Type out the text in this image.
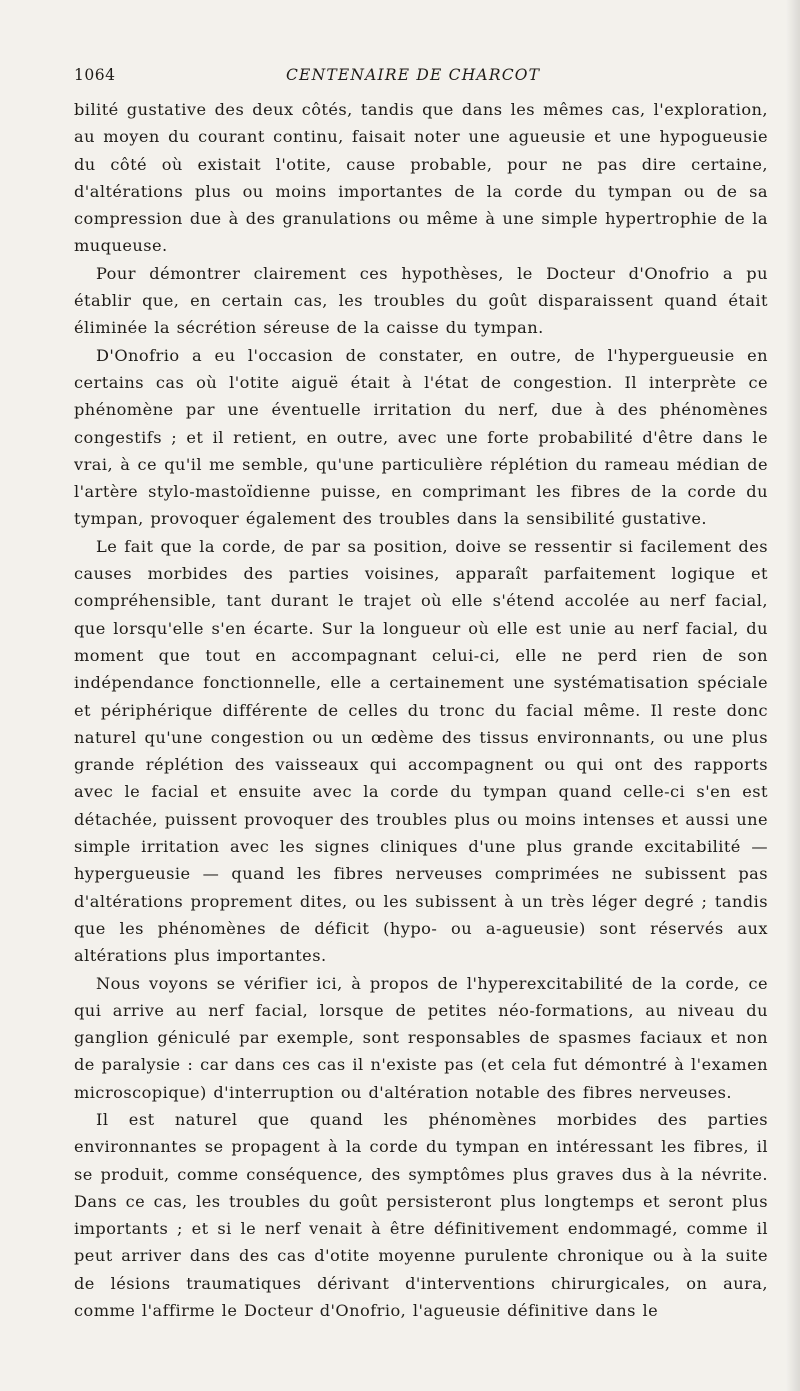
1064	CENTENAIRE DE CHARCOT

bilité gustative des deux côtés, tandis que dans les mêmes cas, l'exploration, au moyen du courant continu, faisait noter une agueusie et une hypogueusie du côté où existait l'otite, cause probable, pour ne pas dire certaine, d'altérations plus ou moins importantes de la corde du tympan ou de sa compression due à des granulations ou même à une simple hypertrophie de la muqueuse.

Pour démontrer clairement ces hypothèses, le Docteur d'Onofrio a pu établir que, en certain cas, les troubles du goût disparaissent quand était éliminée la sécrétion séreuse de la caisse du tympan.

D'Onofrio a eu l'occasion de constater, en outre, de l'hypergueusie en certains cas où l'otite aiguë était à l'état de congestion. Il interprète ce phénomène par une éventuelle irritation du nerf, due à des phénomènes congestifs ; et il retient, en outre, avec une forte probabilité d'être dans le vrai, à ce qu'il me semble, qu'une particulière réplétion du rameau médian de l'artère stylo-mastoïdienne puisse, en comprimant les fibres de la corde du tympan, provoquer également des troubles dans la sensibilité gustative.

Le fait que la corde, de par sa position, doive se ressentir si facilement des causes morbides des parties voisines, apparaît parfaitement logique et compréhensible, tant durant le trajet où elle s'étend accolée au nerf facial, que lorsqu'elle s'en écarte. Sur la longueur où elle est unie au nerf facial, du moment que tout en accompagnant celui-ci, elle ne perd rien de son indépendance fonctionnelle, elle a certainement une systématisation spéciale et périphérique différente de celles du tronc du facial même. Il reste donc naturel qu'une congestion ou un œdème des tissus environnants, ou une plus grande réplétion des vaisseaux qui accompagnent ou qui ont des rapports avec le facial et ensuite avec la corde du tympan quand celle-ci s'en est détachée, puissent provoquer des troubles plus ou moins intenses et aussi une simple irritation avec les signes cliniques d'une plus grande excitabilité — hypergueusie — quand les fibres nerveuses comprimées ne subissent pas d'altérations proprement dites, ou les subissent à un très léger degré ; tandis que les phénomènes de déficit (hypo- ou a-agueusie) sont réservés aux altérations plus importantes.

Nous voyons se vérifier ici, à propos de l'hyperexcitabilité de la corde, ce qui arrive au nerf facial, lorsque de petites néo-formations, au niveau du ganglion géniculé par exemple, sont responsables de spasmes faciaux et non de paralysie : car dans ces cas il n'existe pas (et cela fut démontré à l'examen microscopique) d'interruption ou d'altération notable des fibres nerveuses.

Il est naturel que quand les phénomènes morbides des parties environnantes se propagent à la corde du tympan en intéressant les fibres, il se produit, comme conséquence, des symptômes plus graves dus à la névrite. Dans ce cas, les troubles du goût persisteront plus longtemps et seront plus importants ; et si le nerf venait à être définitivement endommagé, comme il peut arriver dans des cas d'otite moyenne purulente chronique ou à la suite de lésions traumatiques dérivant d'interventions chirurgicales, on aura, comme l'affirme le Docteur d'Onofrio, l'agueusie définitive dans le
